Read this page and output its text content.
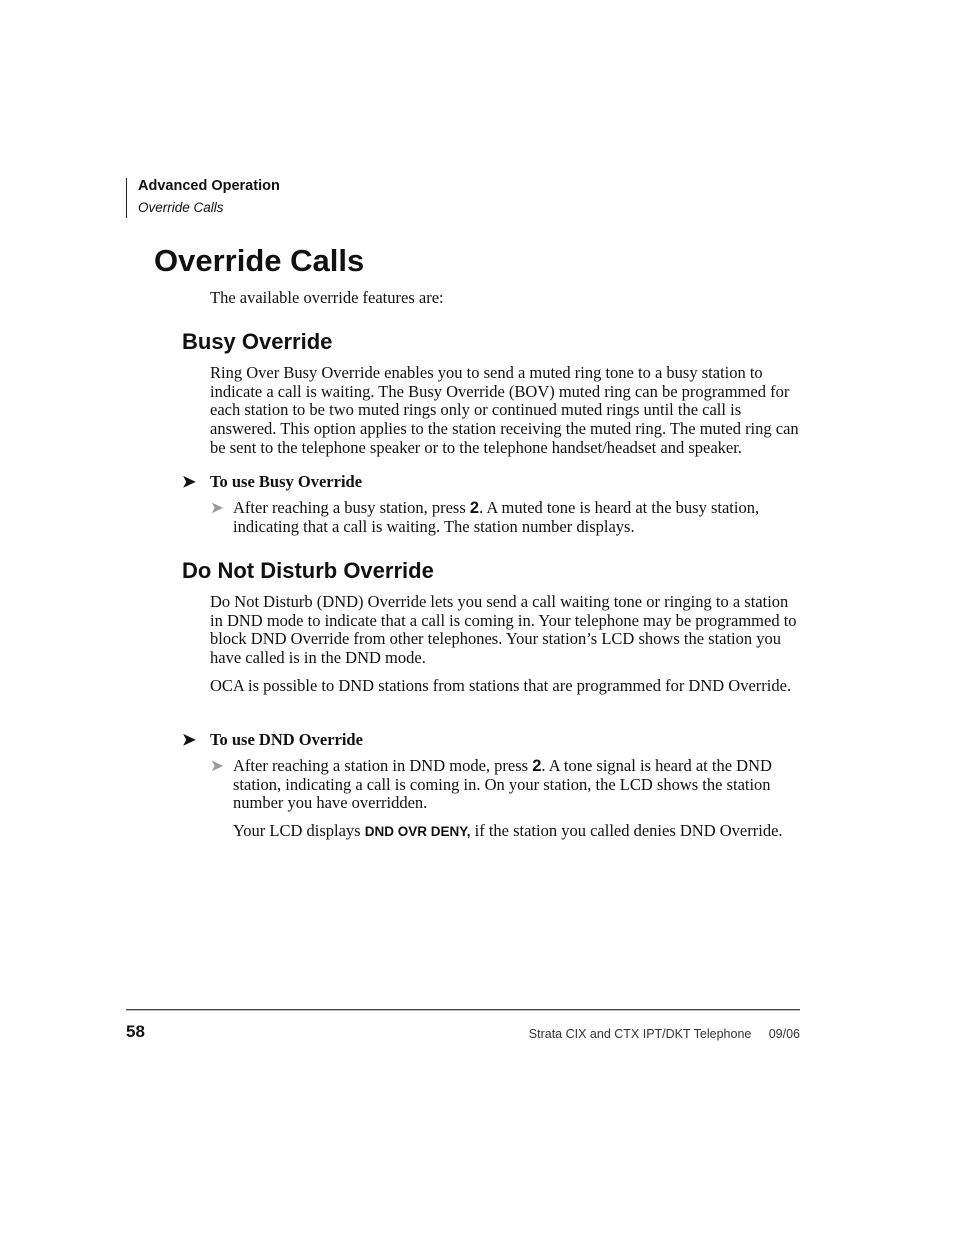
Advanced Operation
Override Calls
Override Calls

The available override features are:

Busy Override

Ring Over Busy Override enables you to send a muted ring tone to a busy station to indicate a call is waiting. The Busy Override (BOV) muted ring can be programmed for each station to be two muted rings only or continued muted rings until the call is answered. This option applies to the station receiving the muted ring. The muted ring can be sent to the telephone speaker or to the telephone handset/headset and speaker.

➤ To use Busy Override
➤ After reaching a busy station, press 2. A muted tone is heard at the busy station, indicating that a call is waiting. The station number displays.
Do Not Disturb Override

Do Not Disturb (DND) Override lets you send a call waiting tone or ringing to a station in DND mode to indicate that a call is coming in. Your telephone may be programmed to block DND Override from other telephones. Your station’s LCD shows the station you have called is in the DND mode.

OCA is possible to DND stations from stations that are programmed for DND Override.

➤ To use DND Override
➤ After reaching a station in DND mode, press 2. A tone signal is heard at the DND station, indicating a call is coming in. On your station, the LCD shows the station number you have overridden.

Your LCD displays DND OVR DENY, if the station you called denies DND Override.

58	Strata CIX and CTX IPT/DKT Telephone     09/06
